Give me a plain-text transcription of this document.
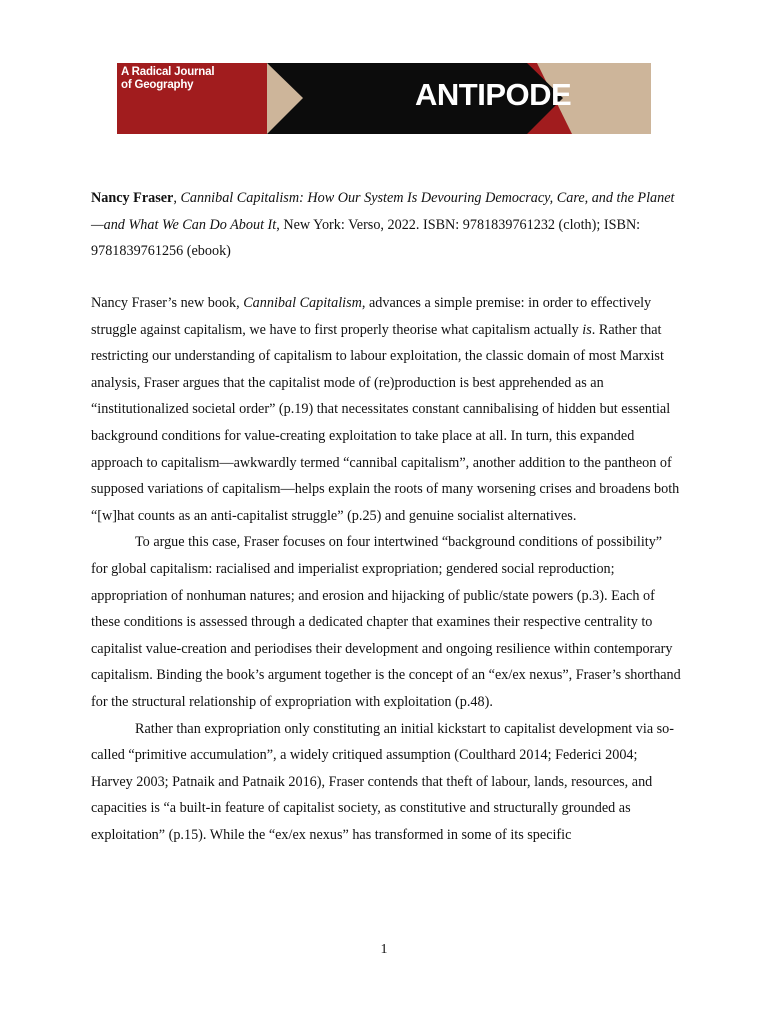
A Radical Journal
of Geography	ANTIPODE

Nancy Fraser, Cannibal Capitalism: How Our System Is Devouring Democracy, Care, and the Planet—and What We Can Do About It, New York: Verso, 2022. ISBN: 9781839761232 (cloth); ISBN: 9781839761256 (ebook)

Nancy Fraser’s new book, Cannibal Capitalism, advances a simple premise: in order to effectively struggle against capitalism, we have to first properly theorise what capitalism actually is. Rather that restricting our understanding of capitalism to labour exploitation, the classic domain of most Marxist analysis, Fraser argues that the capitalist mode of (re)production is best apprehended as an “institutionalized societal order” (p.19) that necessitates constant cannibalising of hidden but essential background conditions for value-creating exploitation to take place at all. In turn, this expanded approach to capitalism—awkwardly termed “cannibal capitalism”, another addition to the pantheon of supposed variations of capitalism—helps explain the roots of many worsening crises and broadens both “[w]hat counts as an anti-capitalist struggle” (p.25) and genuine socialist alternatives.

To argue this case, Fraser focuses on four intertwined “background conditions of possibility” for global capitalism: racialised and imperialist expropriation; gendered social reproduction; appropriation of nonhuman natures; and erosion and hijacking of public/state powers (p.3). Each of these conditions is assessed through a dedicated chapter that examines their respective centrality to capitalist value-creation and periodises their development and ongoing resilience within contemporary capitalism. Binding the book’s argument together is the concept of an “ex/ex nexus”, Fraser’s shorthand for the structural relationship of expropriation with exploitation (p.48).

Rather than expropriation only constituting an initial kickstart to capitalist development via so-called “primitive accumulation”, a widely critiqued assumption (Coulthard 2014; Federici 2004; Harvey 2003; Patnaik and Patnaik 2016), Fraser contends that theft of labour, lands, resources, and capacities is “a built-in feature of capitalist society, as constitutive and structurally grounded as exploitation” (p.15). While the “ex/ex nexus” has transformed in some of its specific

1
